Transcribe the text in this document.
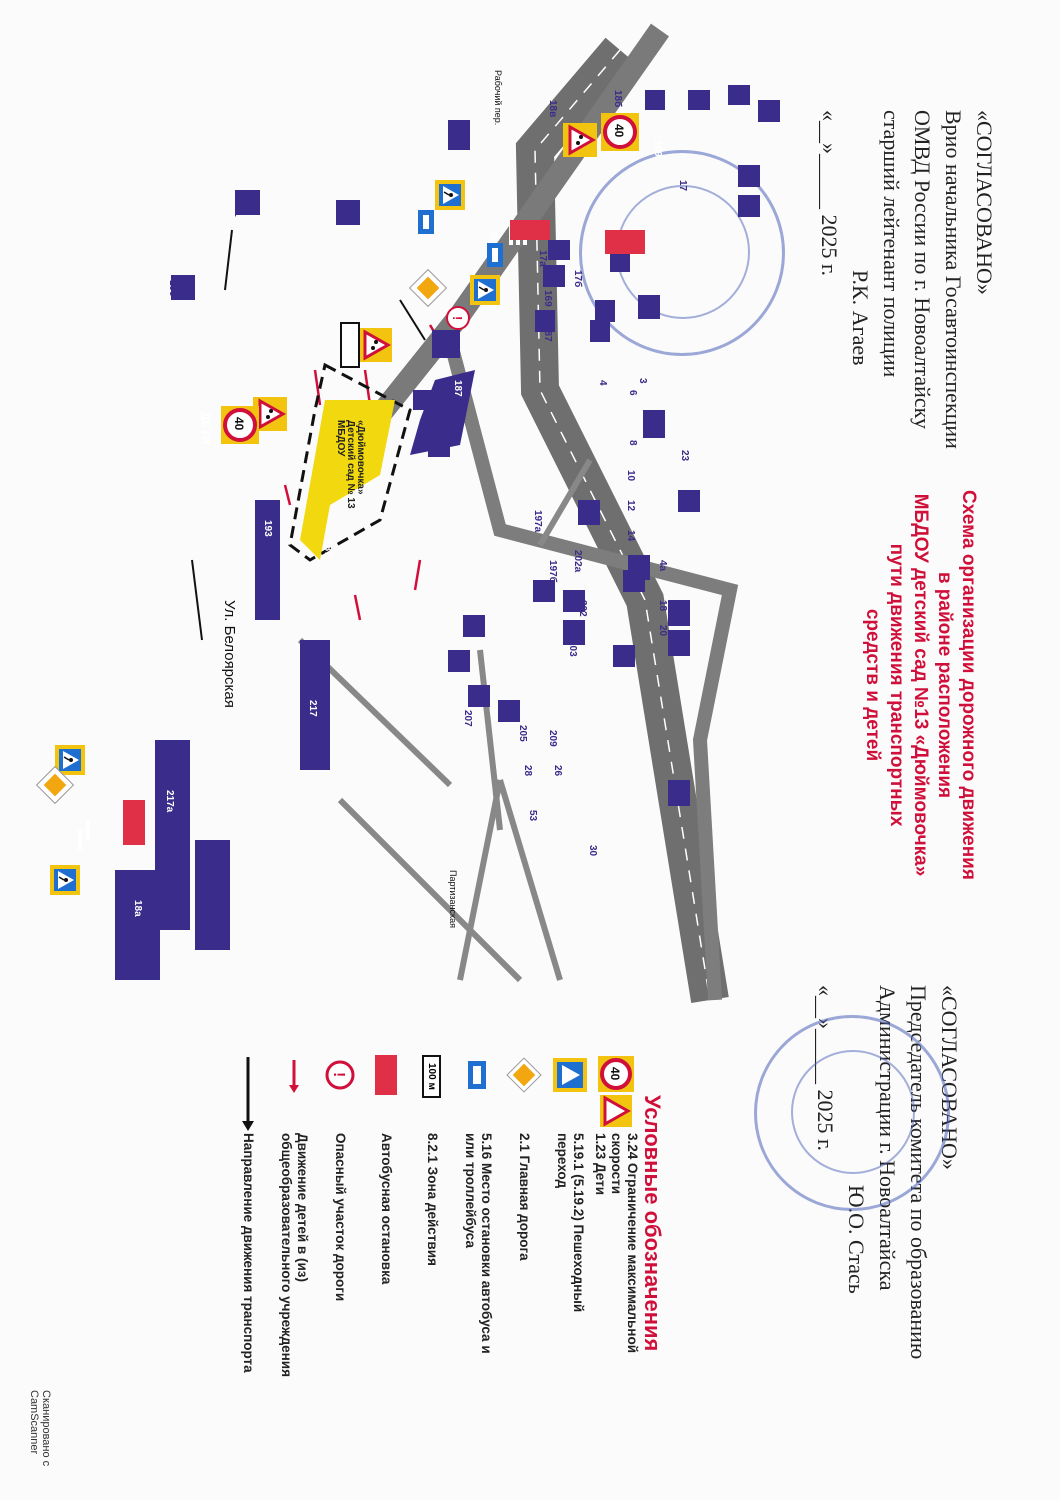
«СОГЛАСОВАНО»
Врио начальника Госавтоинспекции
ОМВД России по г. Новоалтайску
старший лейтенант полиции
Р.К. Агаев
«__»_____ 2025 г.
Схема организации дорожного движения
в районе расположения
МБДОУ детский сад №13 «Дюймовочка»
пути движения транспортных
средств и детей
«СОГЛАСОВАНО»
Председатель комитета по образованию
Администрации г. Новоалтайска
Ю.О. Стась
«__»_____ 2025 г.
53
169
187
193
187
217
217а
18а
3
4
6
8
10
12
14
16
18
20
23
26
28
30
53
4а
17
17а
17б
169
187
197а
197б
199
201
202
202а
203
205
207
209
18б
18в
Ул. Белоярская
Рабочий пер.
Партизанская
ДЕТИ	МБДОУ Детский сад № 13 «Дюймовочка»
40
40
!
Условные обозначения
40
3.24 Ограничение максимальной
скорости
1.23 Дети
5.19.1 (5.19.2) Пешеходный
переход
2.1 Главная дорога
5.16 Место остановки автобуса и
или троллейбуса
100 м
8.2.1 Зона действия
Автобусная остановка
!
Опасный участок дороги
Движение детей в (из)
общеобразовательного учреждения
Направление движения транспорта
Сканировано с CamScanner
